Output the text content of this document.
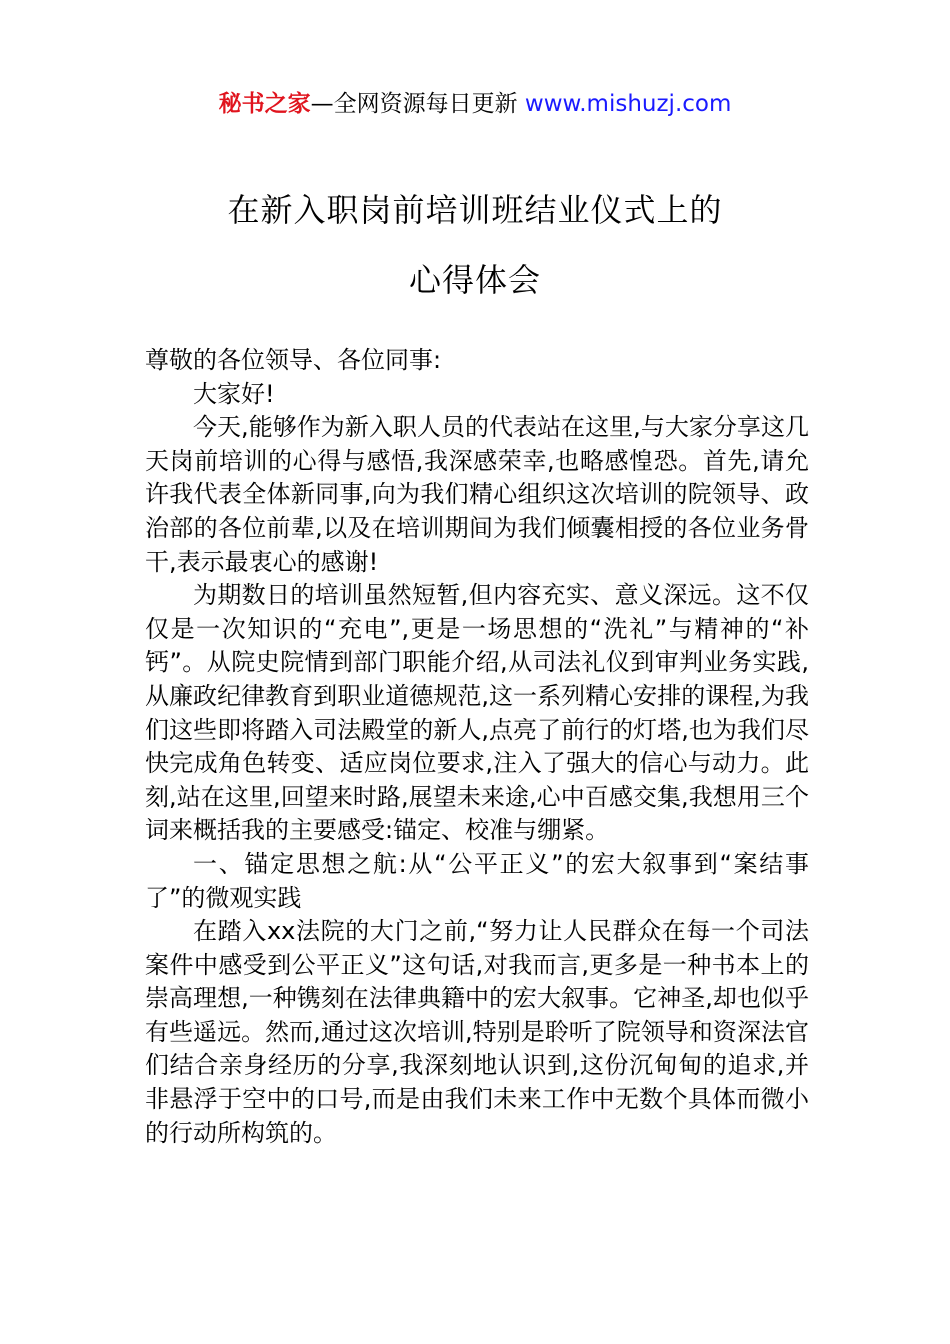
秘书之家—全网资源每日更新 www.mishuzj.com
在新入职岗前培训班结业仪式上的
心得体会

尊敬的各位领导、各位同事:

大家好!

今天,能够作为新入职人员的代表站在这里,与大家分享这几天岗前培训的心得与感悟,我深感荣幸,也略感惶恐。首先,请允许我代表全体新同事,向为我们精心组织这次培训的院领导、政治部的各位前辈,以及在培训期间为我们倾囊相授的各位业务骨干,表示最衷心的感谢!

为期数日的培训虽然短暂,但内容充实、意义深远。这不仅仅是一次知识的“充电”,更是一场思想的“洗礼”与精神的“补钙”。从院史院情到部门职能介绍,从司法礼仪到审判业务实践,从廉政纪律教育到职业道德规范,这一系列精心安排的课程,为我们这些即将踏入司法殿堂的新人,点亮了前行的灯塔,也为我们尽快完成角色转变、适应岗位要求,注入了强大的信心与动力。此刻,站在这里,回望来时路,展望未来途,心中百感交集,我想用三个词来概括我的主要感受:锚定、校准与绷紧。

一、锚定思想之航:从“公平正义”的宏大叙事到“案结事了”的微观实践

在踏入xx法院的大门之前,“努力让人民群众在每一个司法案件中感受到公平正义”这句话,对我而言,更多是一种书本上的崇高理想,一种镌刻在法律典籍中的宏大叙事。它神圣,却也似乎有些遥远。然而,通过这次培训,特别是聆听了院领导和资深法官们结合亲身经历的分享,我深刻地认识到,这份沉甸甸的追求,并非悬浮于空中的口号,而是由我们未来工作中无数个具体而微小的行动所构筑的。
